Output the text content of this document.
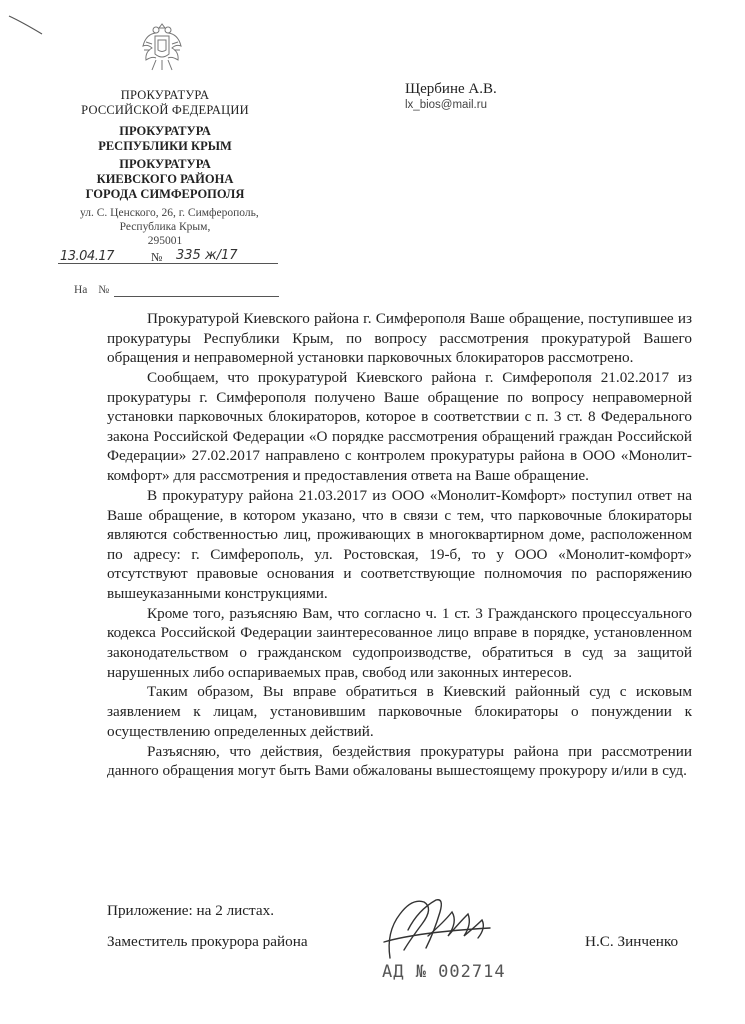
ПРОКУРАТУРА
РОССИЙСКОЙ ФЕДЕРАЦИИ
ПРОКУРАТУРА
РЕСПУБЛИКИ КРЫМ
ПРОКУРАТУРА
КИЕВСКОГО РАЙОНА
ГОРОДА СИМФЕРОПОЛЯ
ул. С. Ценского, 26, г. Симферополь,
Республика Крым,
295001
13.04.17	№ 335 ж/17
На №
Щербине А.В.
lx_bios@mail.ru

Прокуратурой Киевского района г. Симферополя Ваше обращение, поступившее из прокуратуры Республики Крым, по вопросу рассмотрения прокуратурой Вашего обращения и неправомерной установки парковочных блокираторов рассмотрено.

Сообщаем, что прокуратурой Киевского района г. Симферополя 21.02.2017 из прокуратуры г. Симферополя получено Ваше обращение по вопросу неправомерной установки парковочных блокираторов, которое в соответствии с п. 3 ст. 8 Федерального закона Российской Федерации «О порядке рассмотрения обращений граждан Российской Федерации» 27.02.2017 направлено с контролем прокуратуры района в ООО «Монолит-комфорт» для рассмотрения и предоставления ответа на Ваше обращение.

В прокуратуру района 21.03.2017 из ООО «Монолит-Комфорт» поступил ответ на Ваше обращение, в котором указано, что в связи с тем, что парковочные блокираторы являются собственностью лиц, проживающих в многоквартирном доме, расположенном по адресу: г. Симферополь, ул. Ростовская, 19-б, то у ООО «Монолит-комфорт» отсутствуют правовые основания и соответствующие полномочия по распоряжению вышеуказанными конструкциями.

Кроме того, разъясняю Вам, что согласно ч. 1 ст. 3 Гражданского процессуального кодекса Российской Федерации заинтересованное лицо вправе в порядке, установленном законодательством о гражданском судопроизводстве, обратиться в суд за защитой нарушенных либо оспариваемых прав, свобод или законных интересов.

Таким образом, Вы вправе обратиться в Киевский районный суд с исковым заявлением к лицам, установившим парковочные блокираторы о понуждении к осуществлению определенных действий.

Разъясняю, что действия, бездействия прокуратуры района при рассмотрении данного обращения могут быть Вами обжалованы вышестоящему прокурору и/или в суд.

Приложение: на 2 листах.
Заместитель прокурора района	Н.С. Зинченко
АД № 002714
